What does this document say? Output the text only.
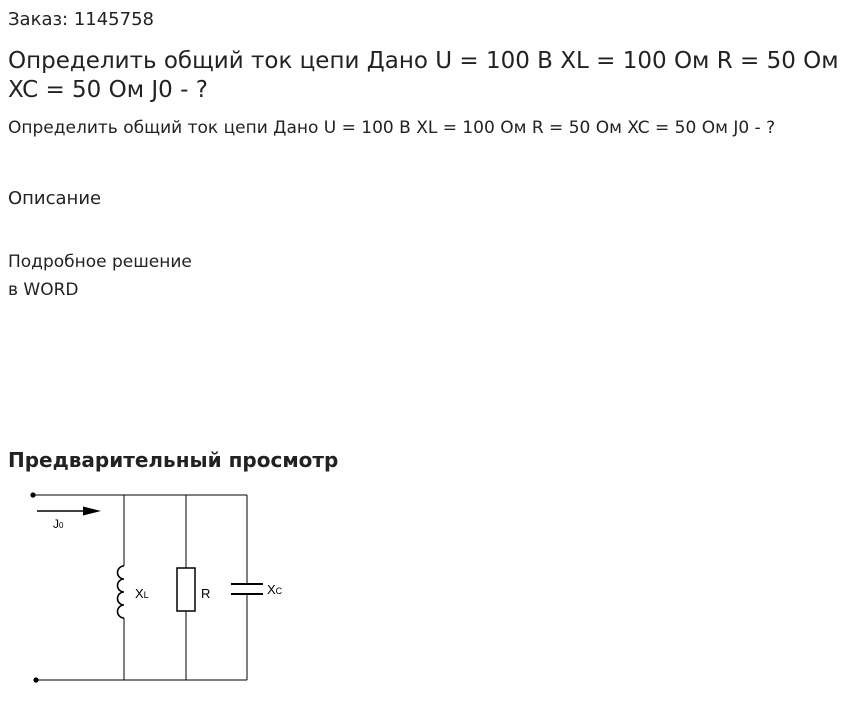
Заказ: 1145758
Определить общий ток цепи Дано U = 100 В XL = 100 Ом R = 50 Ом XC = 50 Ом J0 - ?

Определить общий ток цепи Дано U = 100 В XL = 100 Ом R = 50 Ом XC = 50 Ом J0 - ?

Описание
Подробное решение
в WORD
Предварительный просмотр
J0
XL	R	XC
